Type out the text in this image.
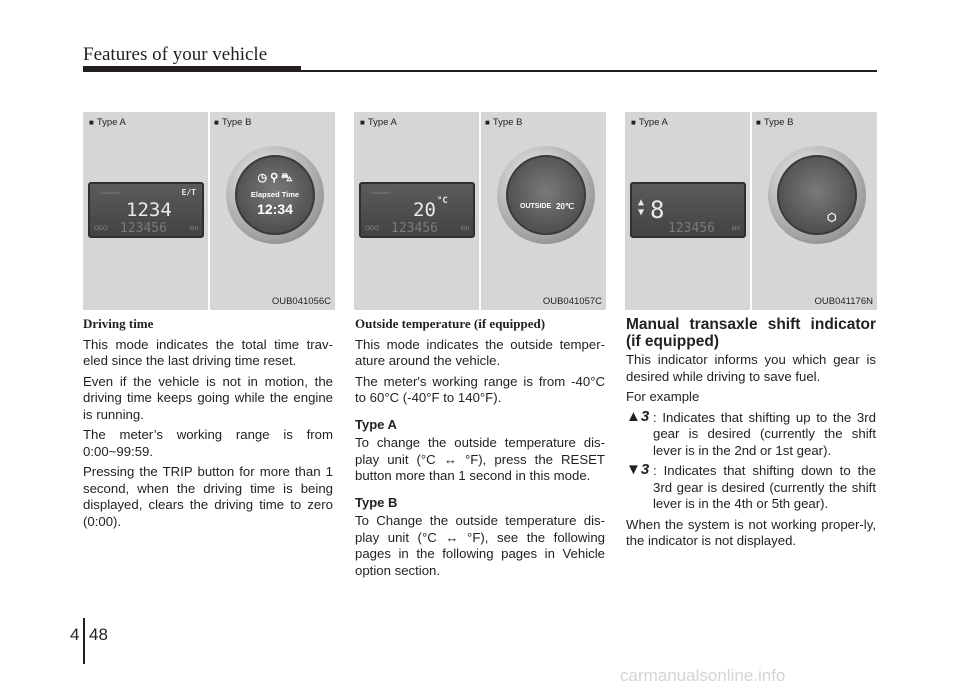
Features of your vehicle
■ Type A	■ Type B
▭▭▭▭	E/T
1234
ODO 123456	km
◷ ⚲ ⛍
Elapsed Time
12:34
OUB041056C
■ Type A	■ Type B
▭▭▭▭
20 °C
ODO 123456	km
OUTSIDE 20℃
OUB041057C
■ Type A	■ Type B
▲
▼ 8
123456	km
⬡
OUB041176N
Driving time

This mode indicates the total time trav-eled since the last driving time reset.

Even if the vehicle is not in motion, the driving time keeps going while the engine is running.

The meter’s working range is from 0:00~99:59.

Pressing the TRIP button for more than 1 second, when the driving time is being displayed, clears the driving time to zero (0:00).

Outside temperature (if equipped)

This mode indicates the outside temper-ature around the vehicle.

The meter's working range is from -40°C to 60°C (-40°F to 140°F).

Type A

To change the outside temperature dis-play unit (°C ↔ °F), press the RESET button more than 1 second in this mode.

Type B

To Change the outside temperature dis-play unit (°C ↔ °F), see the following pages in the following pages in Vehicle option section.

Manual transaxle shift indicator (if equipped)

This indicator informs you which gear is desired while driving to save fuel.

For example

▲3 : Indicates that shifting up to the 3rd gear is desired (currently the shift lever is in the 2nd or 1st gear).
▼3 : Indicates that shifting down to the 3rd gear is desired (currently the shift lever is in the 4th or 5th gear).

When the system is not working proper-ly, the indicator is not displayed.

4 48
carmanualsonline.info
